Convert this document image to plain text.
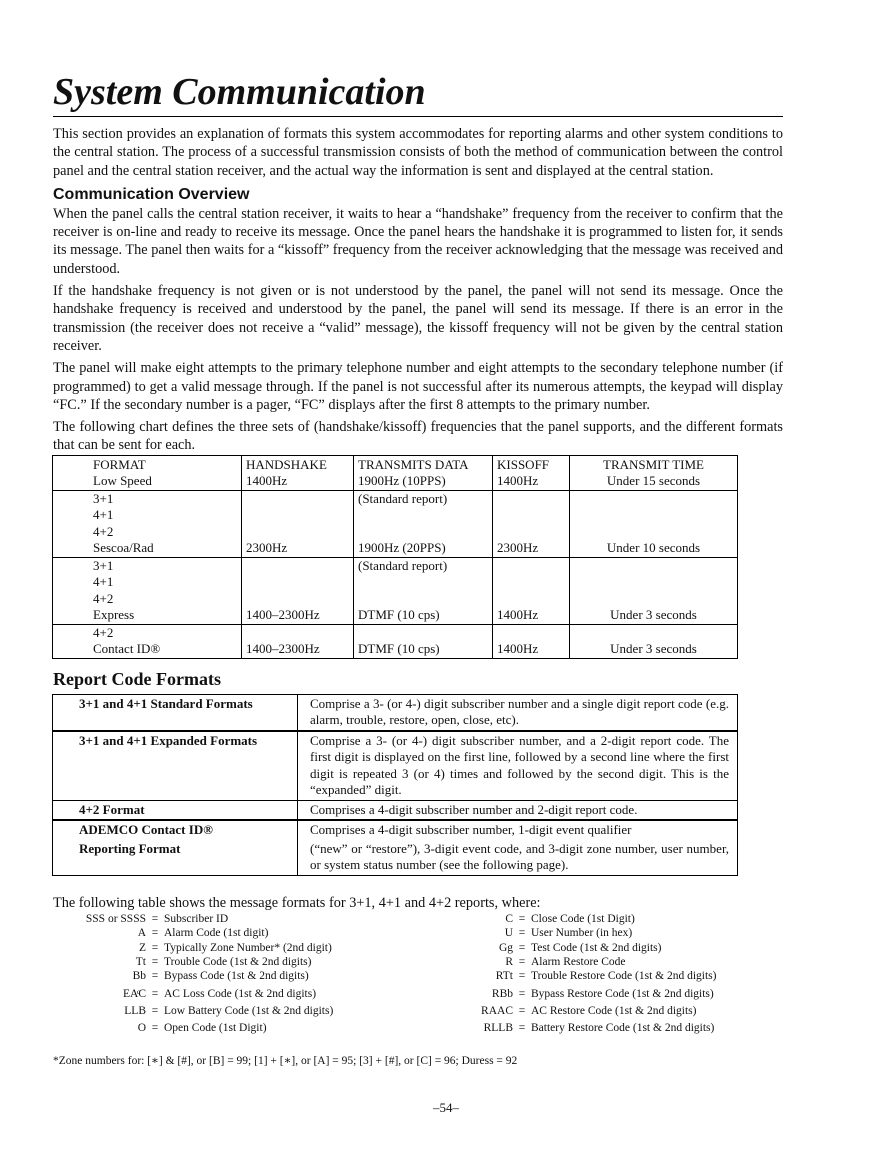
System Communication

This section provides an explanation of formats this system accommodates for reporting alarms and other system conditions to the central station. The process of a successful transmission consists of both the method of communication between the control panel and the central station receiver, and the actual way the information is sent and displayed at the central station.

Communication Overview

When the panel calls the central station receiver, it waits to hear a “handshake” frequency from the receiver to confirm that the receiver is on-line and ready to receive its message. Once the panel hears the handshake it is programmed to listen for, it sends its message. The panel then waits for a “kissoff” frequency from the receiver acknowledging that the message was received and understood.

If the handshake frequency is not given or is not understood by the panel, the panel will not send its message. Once the handshake frequency is received and understood by the panel, the panel will send its message. If there is an error in the transmission (the receiver does not receive a “valid” message), the kissoff frequency will not be given by the central station receiver.

The panel will make eight attempts to the primary telephone number and eight attempts to the secondary telephone number (if programmed) to get a valid message through. If the panel is not successful after its numerous attempts, the keypad will display “FC.” If the secondary number is a pager, “FC” displays after the first 8 attempts to the primary number.

The following chart defines the three sets of (handshake/kissoff) frequencies that the panel supports, and the different formats that can be sent for each.

FORMAT	HANDSHAKE	TRANSMITS DATA	KISSOFF	TRANSMIT TIME
Low Speed	1400Hz	1900Hz (10PPS)	1400Hz	Under 15 seconds
3+1		(Standard report)		
4+1				
4+2				
Sescoa/Rad	2300Hz	1900Hz (20PPS)	2300Hz	Under 10 seconds
3+1		(Standard report)		
4+1				
4+2				
Express	1400–2300Hz	DTMF (10 cps)	1400Hz	Under 3 seconds
4+2				
Contact ID®	1400–2300Hz	DTMF (10 cps)	1400Hz	Under 3 seconds
Report Code Formats
3+1 and 4+1 Standard Formats	Comprise a 3- (or 4-) digit subscriber number and a single digit report code (e.g. alarm, trouble, restore, open, close, etc).
3+1 and 4+1 Expanded Formats	Comprise a 3- (or 4-) digit subscriber number, and a 2-digit report code. The first digit is displayed on the first line, followed by a second line where the first digit is repeated 3 (or 4) times and followed by the second digit. This is the “expanded” digit.
4+2 Format	Comprises a 4-digit subscriber number and 2-digit report code.
ADEMCO Contact ID®	Comprises a 4-digit subscriber number, 1-digit event qualifier
Reporting Format	(“new” or “restore”), 3-digit event code, and 3-digit zone number, user number, or system status number (see the following page).

The following table shows the message formats for 3+1, 4+1 and 4+2 reports, where:

SSS or SSSS = Subscriber ID
A = Alarm Code (1st digit)
Z = Typically Zone Number* (2nd digit)
Tt = Trouble Code (1st & 2nd digits)
Bb = Bypass Code (1st & 2nd digits)
EAͨC = AC Loss Code (1st & 2nd digits)
LLB = Low Battery Code (1st & 2nd digits)
O = Open Code (1st Digit)
C = Close Code (1st Digit)
U = User Number (in hex)
Gg = Test Code (1st & 2nd digits)
R = Alarm Restore Code
RTt = Trouble Restore Code (1st & 2nd digits)
RBb = Bypass Restore Code (1st & 2nd digits)
RAAC = AC Restore Code (1st & 2nd digits)
RLLB = Battery Restore Code (1st & 2nd digits)
*Zone numbers for: [∗] & [#], or [B] = 99; [1] + [∗], or [A] = 95; [3] + [#], or [C] = 96; Duress = 92
–54–
